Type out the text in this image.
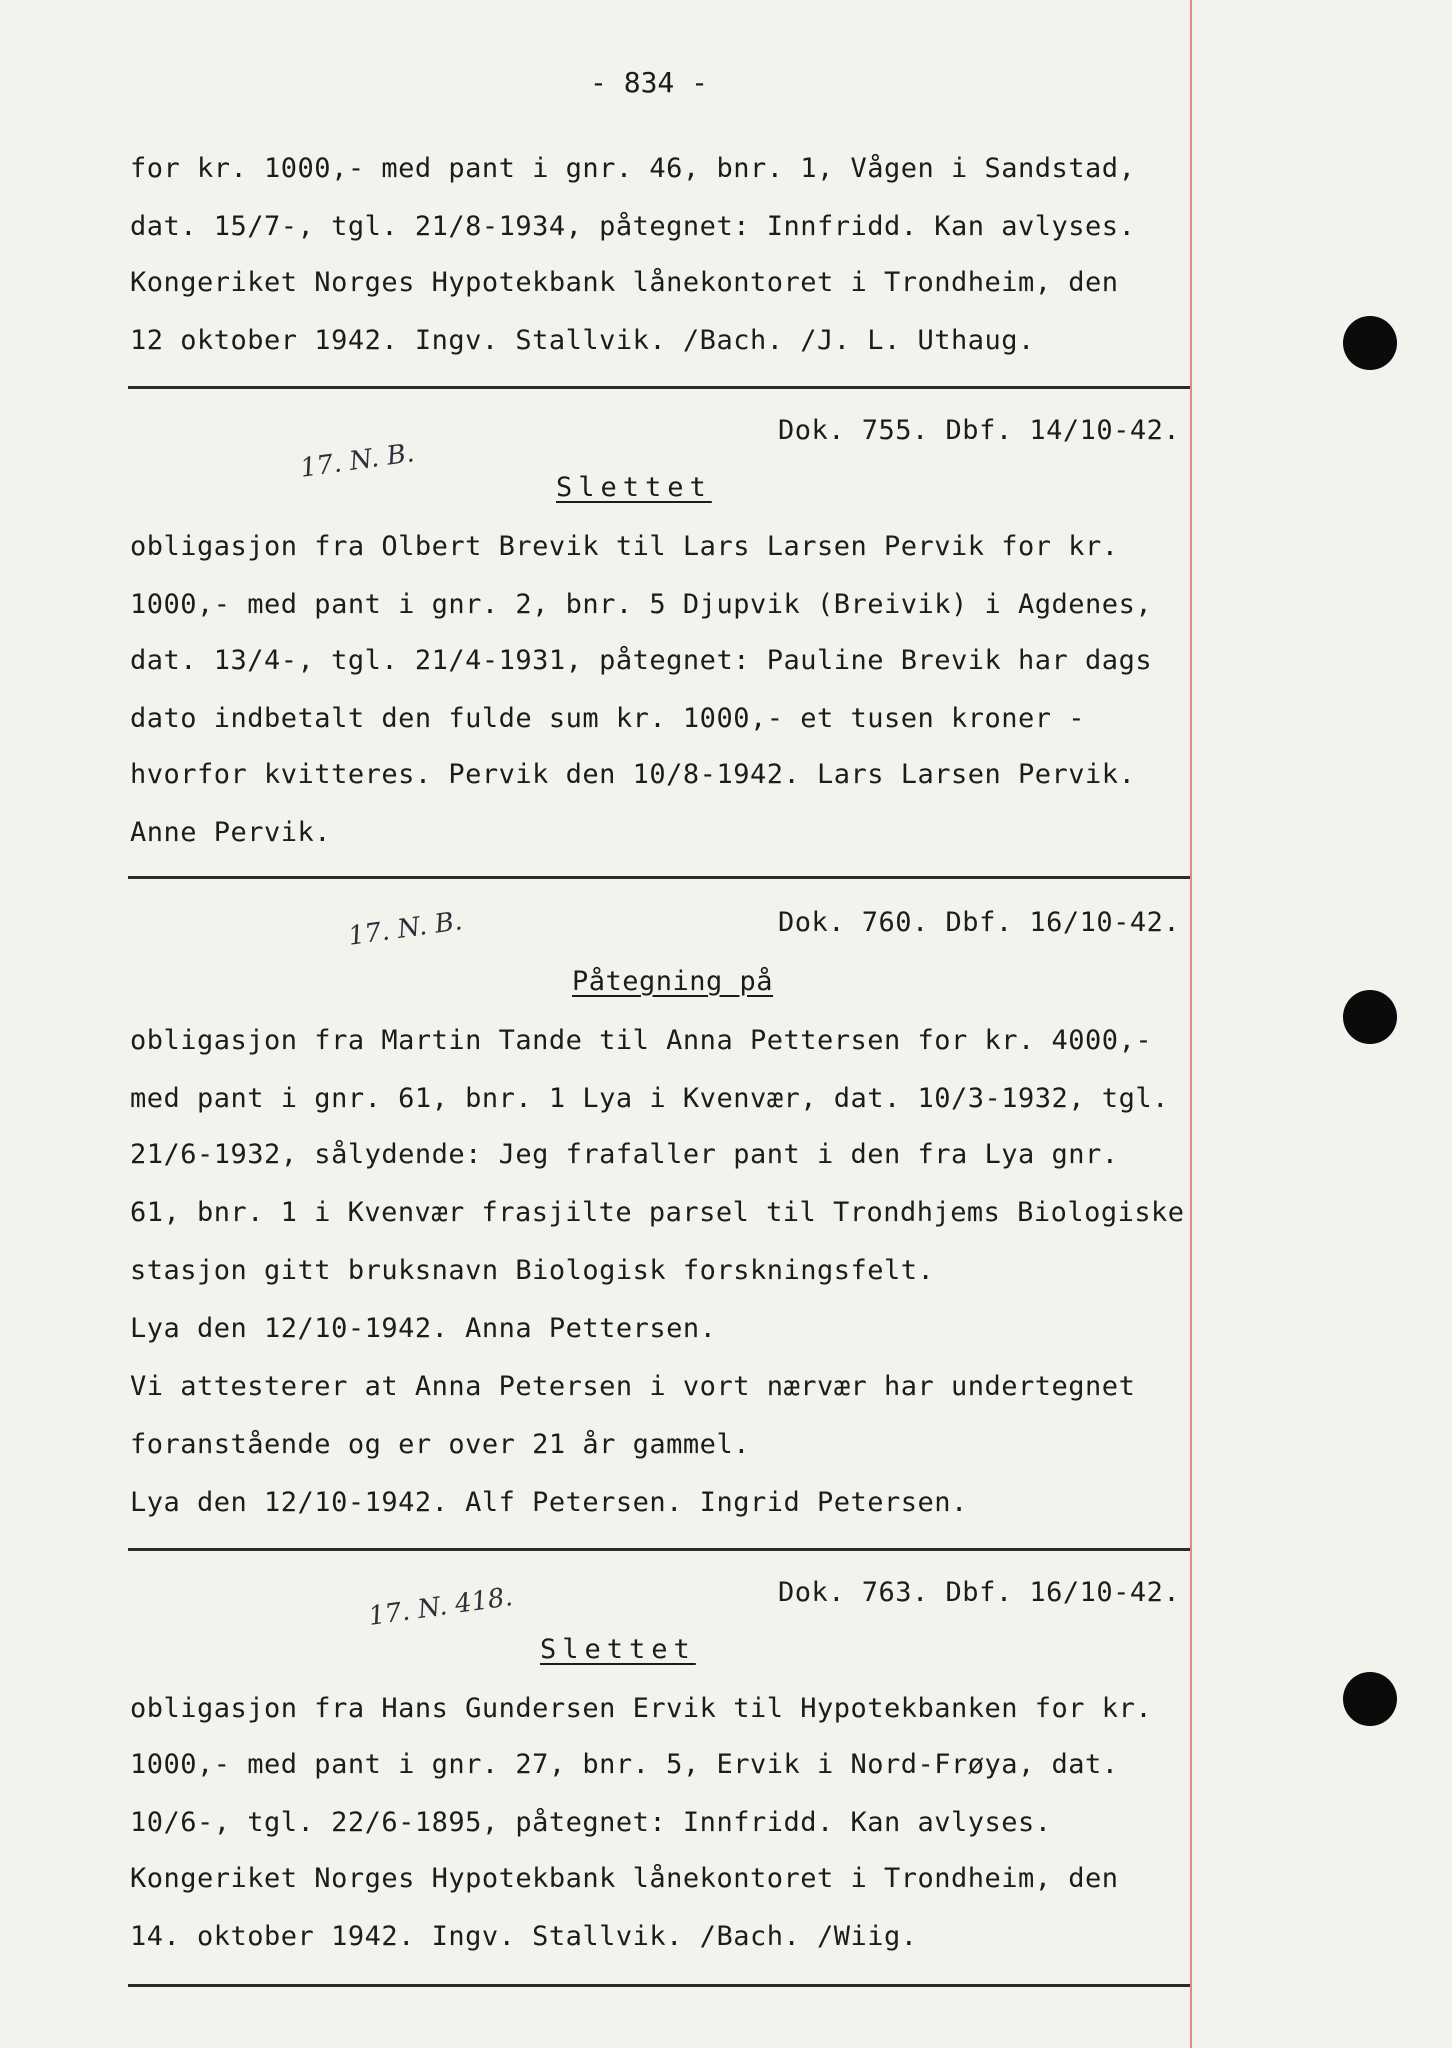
- 834 -
for kr. 1000,- med pant i gnr. 46, bnr. 1, Vågen i Sandstad,
dat. 15/7-, tgl. 21/8-1934, påtegnet: Innfridd. Kan avlyses.
Kongeriket Norges Hypotekbank lånekontoret i Trondheim, den
12 oktober 1942. Ingv. Stallvik. /Bach. /J. L. Uthaug.
Dok. 755. Dbf. 14/10-42.
17. N. B.
Slettet
obligasjon fra Olbert Brevik til Lars Larsen Pervik for kr.
1000,- med pant i gnr. 2, bnr. 5 Djupvik (Breivik) i Agdenes,
dat. 13/4-, tgl. 21/4-1931, påtegnet: Pauline Brevik har dags
dato indbetalt den fulde sum kr. 1000,- et tusen kroner -
hvorfor kvitteres. Pervik den 10/8-1942. Lars Larsen Pervik.
Anne Pervik.
Dok. 760. Dbf. 16/10-42.
17. N. B.
Påtegning på
obligasjon fra Martin Tande til Anna Pettersen for kr. 4000,-
med pant i gnr. 61, bnr. 1 Lya i Kvenvær, dat. 10/3-1932, tgl.
21/6-1932, sålydende: Jeg frafaller pant i den fra Lya gnr.
61, bnr. 1 i Kvenvær frasjilte parsel til Trondhjems Biologiske
stasjon gitt bruksnavn Biologisk forskningsfelt.
Lya den 12/10-1942. Anna Pettersen.
Vi attesterer at Anna Petersen i vort nærvær har undertegnet
foranstående og er over 21 år gammel.
Lya den 12/10-1942. Alf Petersen. Ingrid Petersen.
Dok. 763. Dbf. 16/10-42.
17. N. 418.
Slettet
obligasjon fra Hans Gundersen Ervik til Hypotekbanken for kr.
1000,- med pant i gnr. 27, bnr. 5, Ervik i Nord-Frøya, dat.
10/6-, tgl. 22/6-1895, påtegnet: Innfridd. Kan avlyses.
Kongeriket Norges Hypotekbank lånekontoret i Trondheim, den
14. oktober 1942. Ingv. Stallvik. /Bach. /Wiig.
